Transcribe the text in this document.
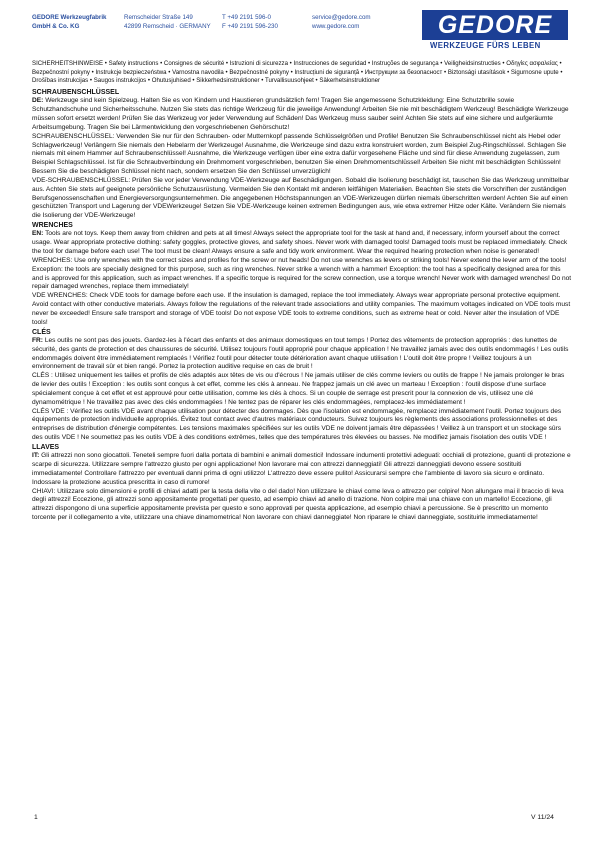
GEDORE Werkzeugfabrik
GmbH & Co. KG
Remscheider Straße 149
42899 Remscheid · GERMANY
T +49 2191 596-0
F +49 2191 596-230
service@gedore.com
www.gedore.com	GEDORE
WERKZEUGE FÜRS LEBEN
SICHERHEITSHINWEISE • Safety instructions • Consignes de sécurité • Istruzioni di sicurezza • Instrucciones de seguridad • Instruções de segurança • Veiligheidsinstructies • Οδηγίες ασφαλείας • Bezpečnostní pokyny • Instrukcje bezpieczeństwa • Varnostna navodila • Bezpečnostné pokyny • Instrucțiuni de siguranță • Инструкции за безопасност • Biztonsági utasítások • Sigurnosne upute • Drošības instrukcijas • Saugos instrukcijos • Ohutusjuhised • Sikkerhedsinstruktioner • Turvallisuusohjeet • Säkerhetsinstruktioner
SCHRAUBENSCHLÜSSEL

DE: Werkzeuge sind kein Spielzeug. Halten Sie es von Kindern und Haustieren grundsätzlich fern! Tragen Sie angemessene Schutzkleidung: Eine Schutzbrille sowie Schutzhandschuhe und Sicherheitsschuhe. Nutzen Sie stets das richtige Werkzeug für die jeweilige Anwendung! Arbeiten Sie nie mit beschädigtem Werkzeug! Beschädigte Werkzeuge müssen sofort ersetzt werden! Prüfen Sie das Werkzeug vor jeder Verwendung auf Schäden! Das Werkzeug muss sauber sein! Achten Sie stets auf eine sichere und aufgeräumte Arbeitsumgebung. Tragen Sie bei Lärmentwicklung den vorgeschriebenen Gehörschutz!

SCHRAUBENSCHLÜSSEL: Verwenden Sie nur für den Schrauben- oder Mutternkopf passende Schlüsselgrößen und Profile! Benutzen Sie Schraubenschlüssel nicht als Hebel oder Schlagwerkzeug! Verlängern Sie niemals den Hebelarm der Werkzeuge! Ausnahme, die Werkzeuge sind dazu extra konstruiert worden, zum Beispiel Zug-Ringschlüssel. Schlagen Sie niemals mit einem Hammer auf Schraubenschlüssel! Ausnahme, die Werkzeuge verfügen über eine extra dafür vorgesehene Fläche und sind für diese Anwendung zugelassen, zum Beispiel Schlagschlüssel. Ist für die Schraubverbindung ein Drehmoment vorgeschrieben, benutzen Sie einen Drehmomentschlüssel! Arbeiten Sie nicht mit beschädigten Schlüsseln! Bessern Sie die beschädigten Schlüssel nicht nach, sondern ersetzen Sie den Schlüssel unverzüglich!

VDE-SCHRAUBENSCHLÜSSEL: Prüfen Sie vor jeder Verwendung VDE-Werkzeuge auf Beschädigungen. Sobald die Isolierung beschädigt ist, tauschen Sie das Werkzeug unmittelbar aus. Achten Sie stets auf geeignete persönliche Schutzausrüstung. Vermeiden Sie den Kontakt mit anderen leitfähigen Materialien. Beachten Sie stets die Vorschriften der zuständigen Berufsgenossenschaften und Energieversorgungsunternehmen. Die angegebenen Höchstspannungen an VDE-Werkzeugen dürfen niemals überschritten werden! Achten Sie auf einen geschützten Transport und Lagerung der VDEWerkzeuge! Setzen Sie VDE-Werkzeuge keinen extremen Bedingungen aus, wie etwa extremer Hitze oder Kälte. Verändern Sie niemals die Isolierung der VDE-Werkzeuge!

WRENCHES

EN: Tools are not toys. Keep them away from children and pets at all times! Always select the appropriate tool for the task at hand and, if necessary, inform yourself about the correct usage. Wear appropriate protective clothing: safety goggles, protective gloves, and safety shoes. Never work with damaged tools! Damaged tools must be replaced immediately. Check the tool for damage before each use! The tool must be clean! Always ensure a safe and tidy work environment. Wear the required hearing protection when noise is generated!

WRENCHES: Use only wrenches with the correct sizes and profiles for the screw or nut heads! Do not use wrenches as levers or striking tools! Never extend the lever arm of the tools! Exception: the tools are specially designed for this purpose, such as ring wrenches. Never strike a wrench with a hammer! Exception: the tool has a specifically designed area for this and is approved for this application, such as impact wrenches. If a specific torque is required for the screw connection, use a torque wrench! Never work with damaged wrenches! Do not repair damaged wrenches, replace them immediately!

VDE WRENCHES: Check VDE tools for damage before each use. If the insulation is damaged, replace the tool immediately. Always wear appropriate personal protective equipment. Avoid contact with other conductive materials. Always follow the regulations of the relevant trade associations and utility companies. The maximum voltages indicated on VDE tools must never be exceeded! Ensure safe transport and storage of VDE tools! Do not expose VDE tools to extreme conditions, such as extreme heat or cold. Never alter the insulation of VDE tools!

CLÉS

FR: Les outils ne sont pas des jouets. Gardez-les à l'écart des enfants et des animaux domestiques en tout temps ! Portez des vêtements de protection appropriés : des lunettes de sécurité, des gants de protection et des chaussures de sécurité. Utilisez toujours l'outil approprié pour chaque application ! Ne travaillez jamais avec des outils endommagés ! Les outils endommagés doivent être immédiatement remplacés ! Vérifiez l'outil pour détecter toute détérioration avant chaque utilisation ! L'outil doit être propre ! Veillez toujours à un environnement de travail sûr et bien rangé. Portez la protection auditive requise en cas de bruit !

CLÉS : Utilisez uniquement les tailles et profils de clés adaptés aux têtes de vis ou d'écrous ! Ne jamais utiliser de clés comme leviers ou outils de frappe ! Ne jamais prolonger le bras de levier des outils ! Exception : les outils sont conçus à cet effet, comme les clés à anneau. Ne frappez jamais un clé avec un marteau ! Exception : l'outil dispose d'une surface spécialement conçue à cet effet et est approuvé pour cette utilisation, comme les clés à chocs. Si un couple de serrage est prescrit pour la connexion de vis, utilisez une clé dynamométrique ! Ne travaillez pas avec des clés endommagées ! Ne tentez pas de réparer les clés endommagées, remplacez-les immédiatement !

CLÉS VDE : Vérifiez les outils VDE avant chaque utilisation pour détecter des dommages. Dès que l'isolation est endommagée, remplacez immédiatement l'outil. Portez toujours des équipements de protection individuelle appropriés. Évitez tout contact avec d'autres matériaux conducteurs. Suivez toujours les règlements des associations professionnelles et des entreprises de distribution d'énergie compétentes. Les tensions maximales spécifiées sur les outils VDE ne doivent jamais être dépassées ! Veillez à un transport et un stockage sûrs des outils VDE ! Ne soumettez pas les outils VDE à des conditions extrêmes, telles que des températures très élevées ou basses. Ne modifiez jamais l'isolation des outils VDE !

LLAVES

IT: Gli attrezzi non sono giocattoli. Teneteli sempre fuori dalla portata di bambini e animali domestici! Indossare indumenti protettivi adeguati: occhiali di protezione, guanti di protezione e scarpe di sicurezza. Utilizzare sempre l'attrezzo giusto per ogni applicazione! Non lavorare mai con attrezzi danneggiati! Gli attrezzi danneggiati devono essere sostituiti immediatamente! Controllare l'attrezzo per eventuali danni prima di ogni utilizzo! L'attrezzo deve essere pulito! Assicurarsi sempre che l'ambiente di lavoro sia sicuro e ordinato. Indossare la protezione acustica prescritta in caso di rumore!

CHIAVI: Utilizzare solo dimensioni e profili di chiavi adatti per la testa della vite o del dado! Non utilizzare le chiavi come leva o attrezzo per colpire! Non allungare mai il braccio di leva degli attrezzi! Eccezione, gli attrezzi sono appositamente progettati per questo, ad esempio chiavi ad anello di trazione. Non colpire mai una chiave con un martello! Eccezione, gli attrezzi dispongono di una superficie appositamente prevista per questo e sono approvati per questa applicazione, ad esempio chiavi a percussione. Se è prescritto un momento torcente per il collegamento a vite, utilizzare una chiave dinamometrica! Non lavorare con chiavi danneggiate! Non riparare le chiavi danneggiate, sostituirle immediatamente!

1	V 11/24
